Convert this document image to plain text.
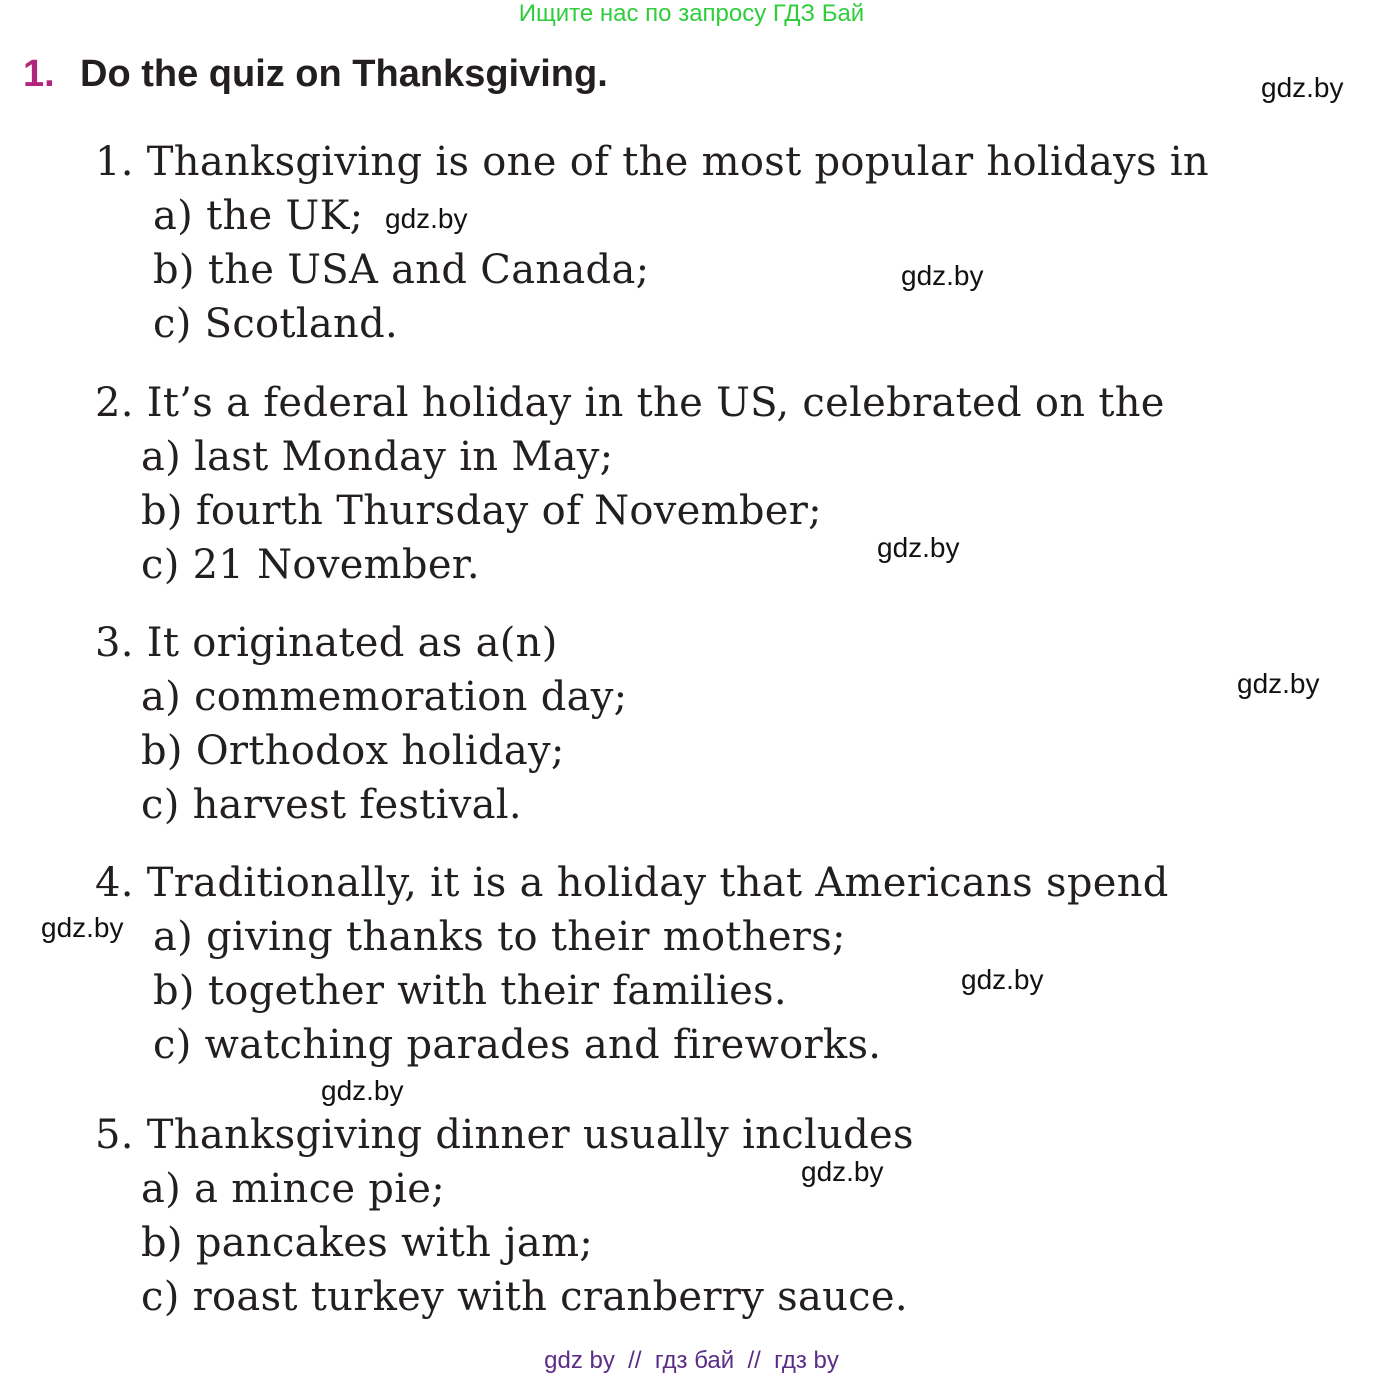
Ищите нас по запросу ГДЗ Бай
1. Do the quiz on Thanksgiving.
1. Thanksgiving is one of the most popular holidays in
a) the UK;
b) the USA and Canada;
c) Scotland.
2. It’s a federal holiday in the US, celebrated on the
a) last Monday in May;
b) fourth Thursday of November;
c) 21 November.
3. It originated as a(n)
a) commemoration day;
b) Orthodox holiday;
c) harvest festival.
4. Traditionally, it is a holiday that Americans spend
a) giving thanks to their mothers;
b) together with their families.
c) watching parades and fireworks.
5. Thanksgiving dinner usually includes
a) a mince pie;
b) pancakes with jam;
c) roast turkey with cranberry sauce.
gdz.by
gdz.by
gdz.by
gdz.by
gdz.by
gdz.by
gdz.by
gdz.by
gdz.by
gdz by  //  гдз бай  //  гдз by
